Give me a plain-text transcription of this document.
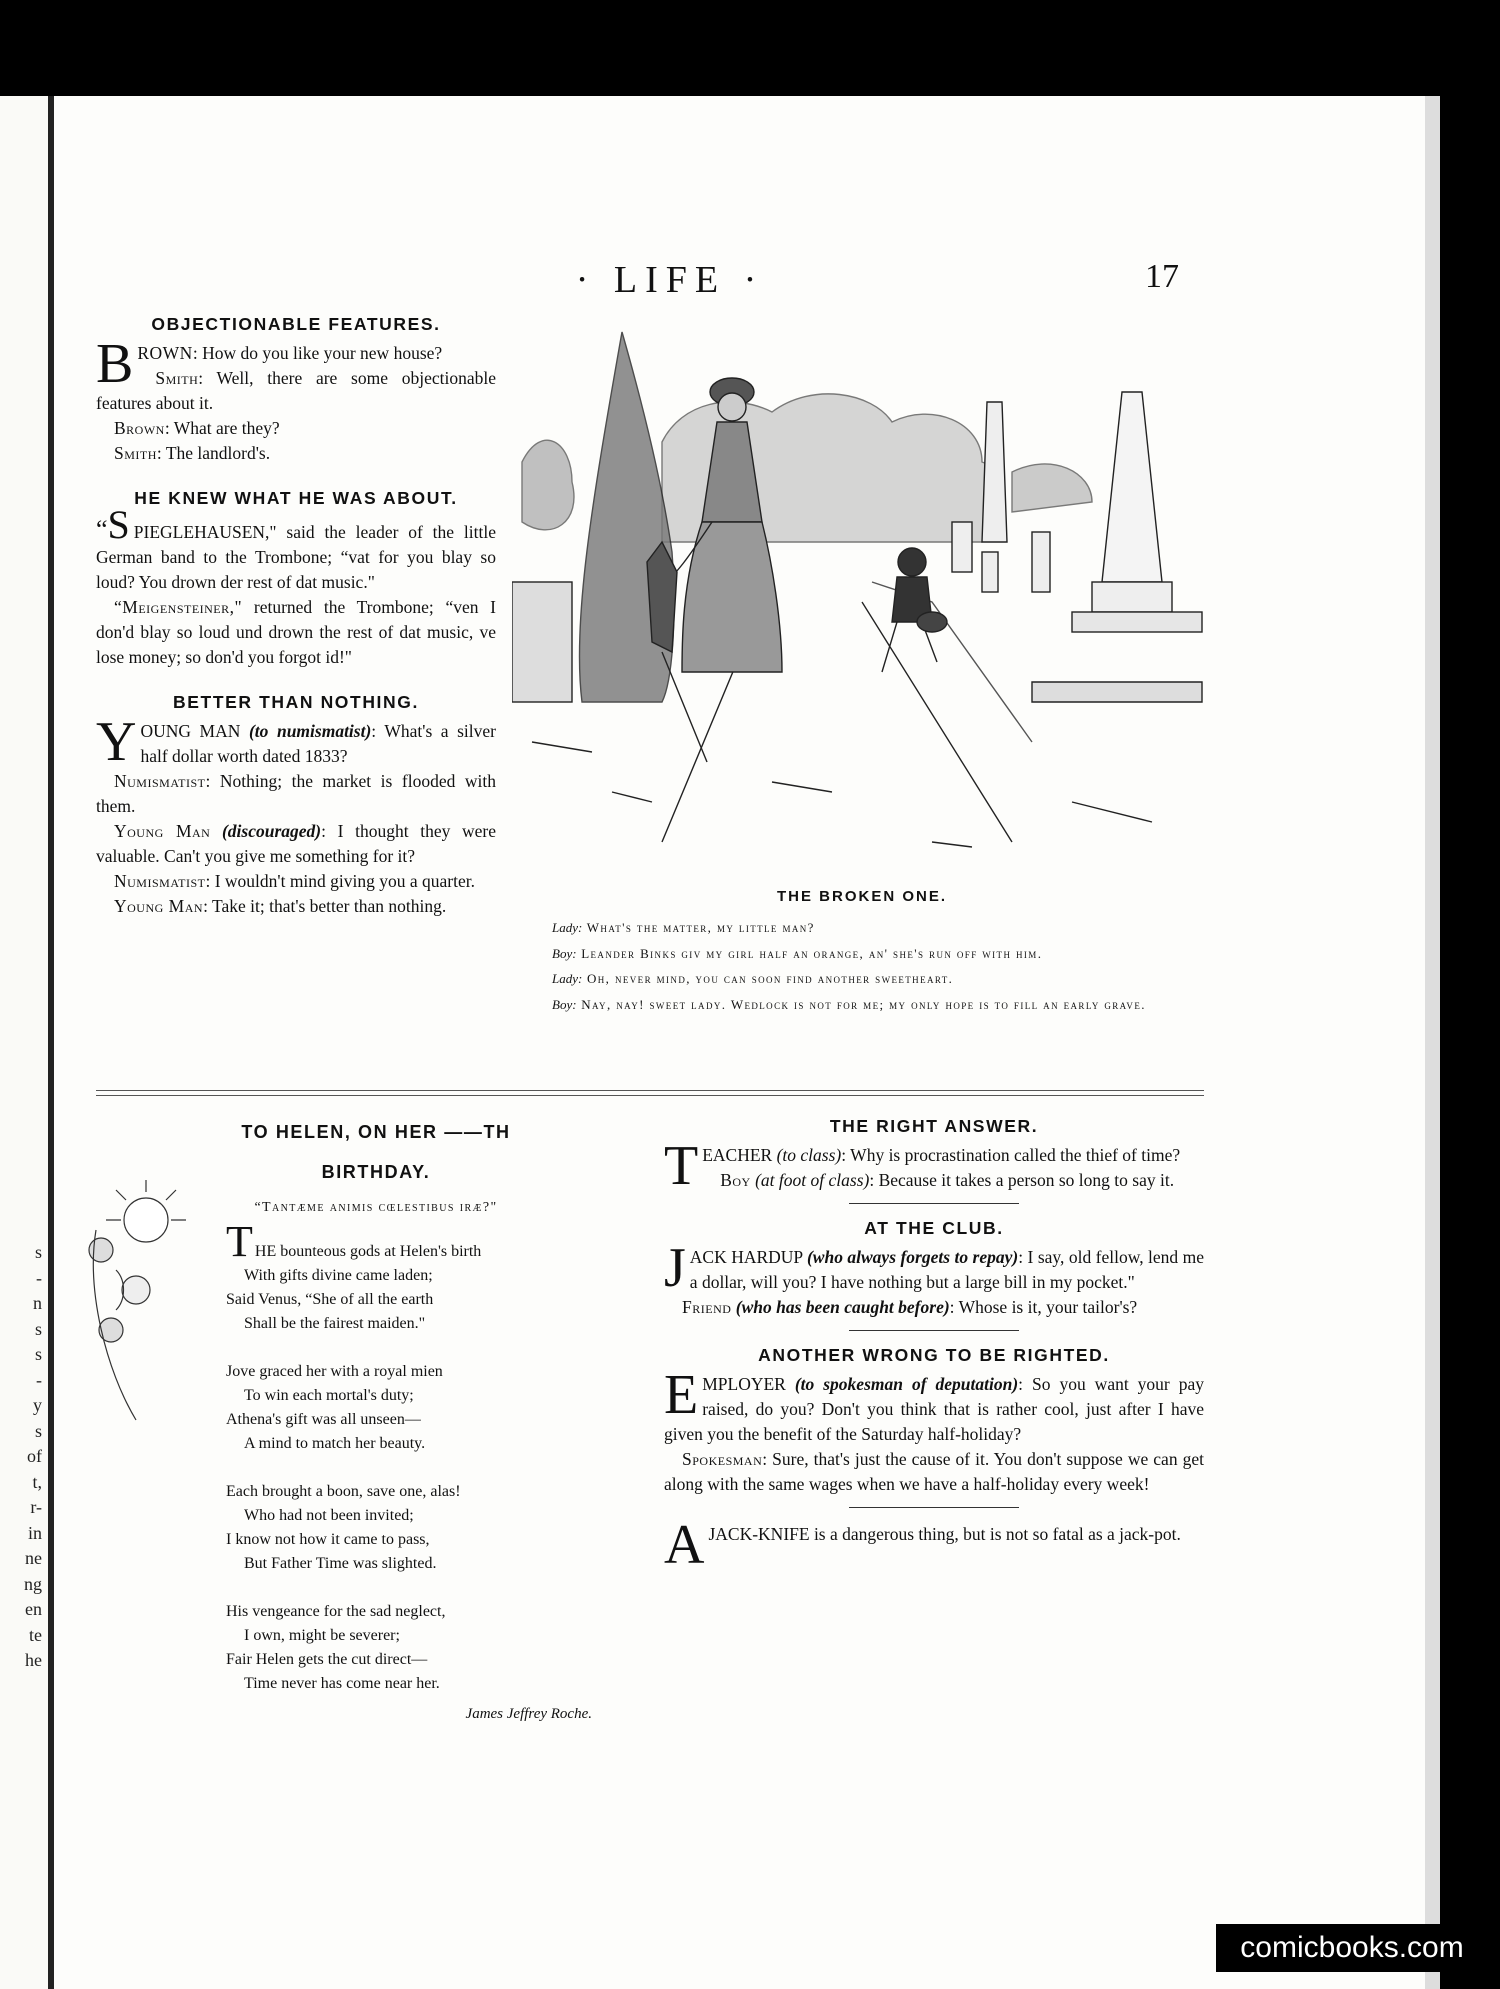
s
-
n
s
s
-
y
s
of
t,
r-
in
ne
ng
en
te
he
· LIFE ·	17
OBJECTIONABLE FEATURES.

BROWN: How do you like your new house?

Smith: Well, there are some objectionable features about it.

Brown: What are they?

Smith: The landlord's.

HE KNEW WHAT HE WAS ABOUT.

“S PIEGLEHAUSEN," said the leader of the little German band to the Trombone; “vat for you blay so loud? You drown der rest of dat music."

“Meigensteiner," returned the Trombone; “ven I don'd blay so loud und drown the rest of dat music, ve lose money; so don'd you forgot id!"

BETTER THAN NOTHING.

YOUNG MAN (to numismatist): What's a silver half dollar worth dated 1833?

Numismatist: Nothing; the market is flooded with them.

Young Man (discouraged): I thought they were valuable. Can't you give me something for it?

Numismatist: I wouldn't mind giving you a quarter.

Young Man: Take it; that's better than nothing.	THE BROKEN ONE.
Lady: What's the matter, my little man?
Boy: Leander Binks giv my girl half an orange, an' she's run off with him.
Lady: Oh, never mind, you can soon find another sweetheart.
Boy: Nay, nay! sweet lady. Wedlock is not for me; my only hope is to fill an early grave.
TO HELEN, ON HER ——TH
BIRTHDAY.
“Tantæme animis cœlestibus iræ?"
THE bounteous gods at Helen's birth
With gifts divine came laden;
Said Venus, “She of all the earth
Shall be the fairest maiden."
Jove graced her with a royal mien
To win each mortal's duty;
Athena's gift was all unseen—
A mind to match her beauty.
Each brought a boon, save one, alas!
Who had not been invited;
I know not how it came to pass,
But Father Time was slighted.
His vengeance for the sad neglect,
I own, might be severer;
Fair Helen gets the cut direct—
Time never has come near her.
James Jeffrey Roche.
THE RIGHT ANSWER.

TEACHER (to class): Why is procrastination called the thief of time?

Boy (at foot of class): Because it takes a person so long to say it.

AT THE CLUB.

JACK HARDUP (who always forgets to repay): I say, old fellow, lend me a dollar, will you? I have nothing but a large bill in my pocket."

Friend (who has been caught before): Whose is it, your tailor's?

ANOTHER WRONG TO BE RIGHTED.

EMPLOYER (to spokesman of deputation): So you want your pay raised, do you? Don't you think that is rather cool, just after I have given you the benefit of the Saturday half-holiday?

Spokesman: Sure, that's just the cause of it. You don't suppose we can get along with the same wages when we have a half-holiday every week!

A JACK-KNIFE is a dangerous thing, but is not so fatal as a jack-pot.

comicbooks.com
